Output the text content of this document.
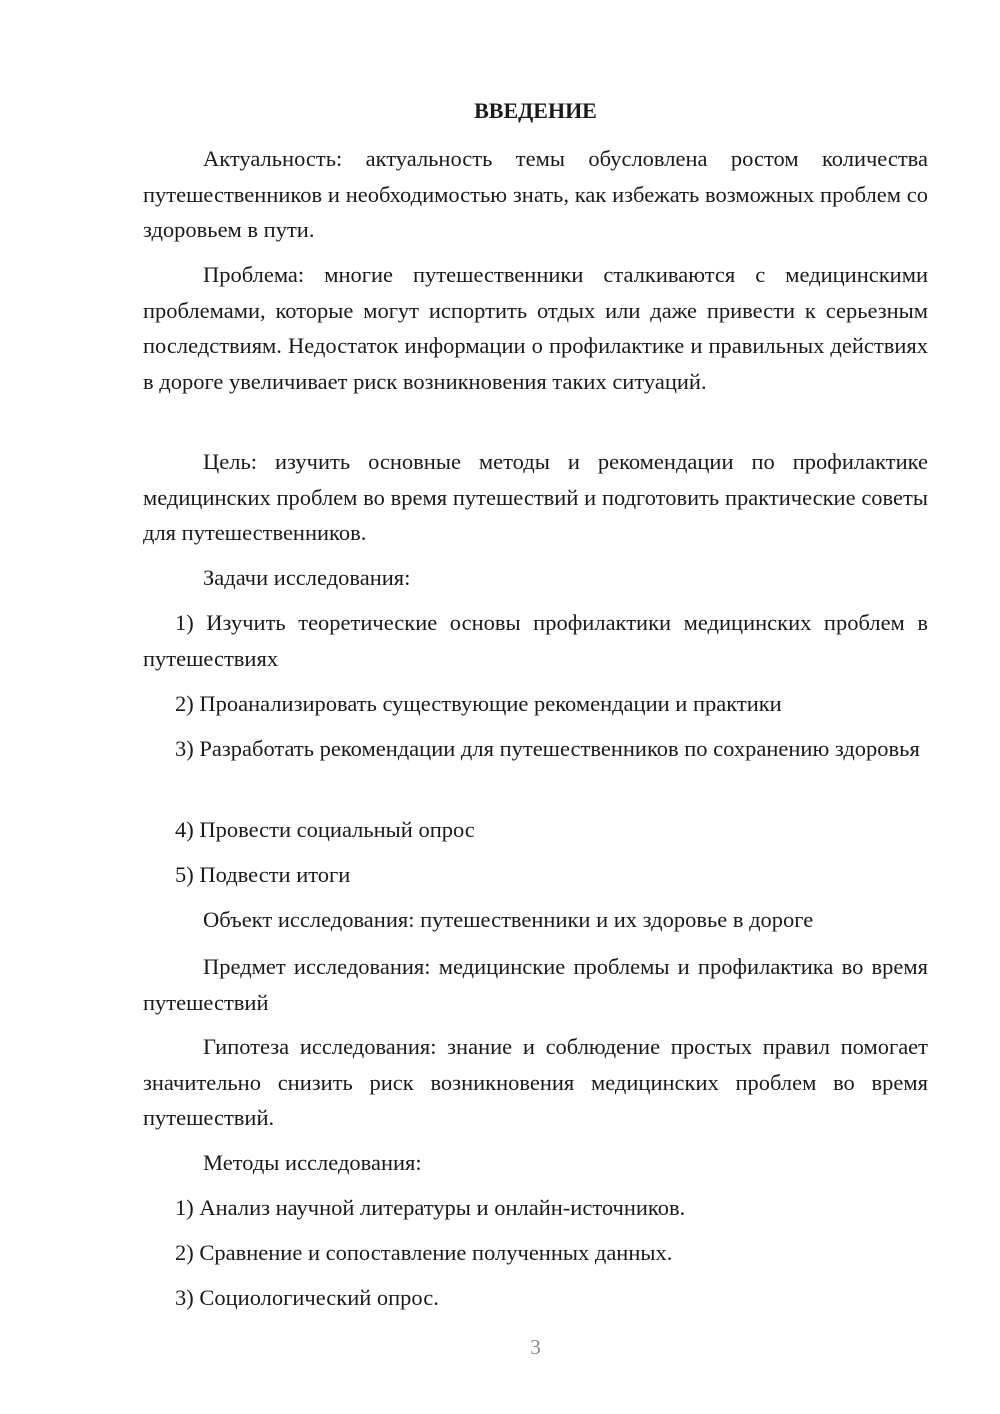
ВВЕДЕНИЕ

Актуальность: актуальность темы обусловлена ростом количества путешественников и необходимостью знать, как избежать возможных проблем со здоровьем в пути.

Проблема: многие путешественники сталкиваются с медицинскими проблемами, которые могут испортить отдых или даже привести к серьезным последствиям. Недостаток информации о профилактике и правильных действиях в дороге увеличивает риск возникновения таких ситуаций.

Цель: изучить основные методы и рекомендации по профилактике медицинских проблем во время путешествий и подготовить практические советы для путешественников.

Задачи исследования:

1) Изучить теоретические основы профилактики медицинских проблем в путешествиях

2) Проанализировать существующие рекомендации и практики

3) Разработать рекомендации для путешественников по сохранению здоровья

4) Провести социальный опрос

5) Подвести итоги

Объект исследования: путешественники и их здоровье в дороге

Предмет исследования: медицинские проблемы и профилактика во время путешествий

Гипотеза исследования: знание и соблюдение простых правил помогает значительно снизить риск возникновения медицинских проблем во время путешествий.

Методы исследования:

1) Анализ научной литературы и онлайн-источников.

2) Сравнение и сопоставление полученных данных.

3) Социологический опрос.

3
